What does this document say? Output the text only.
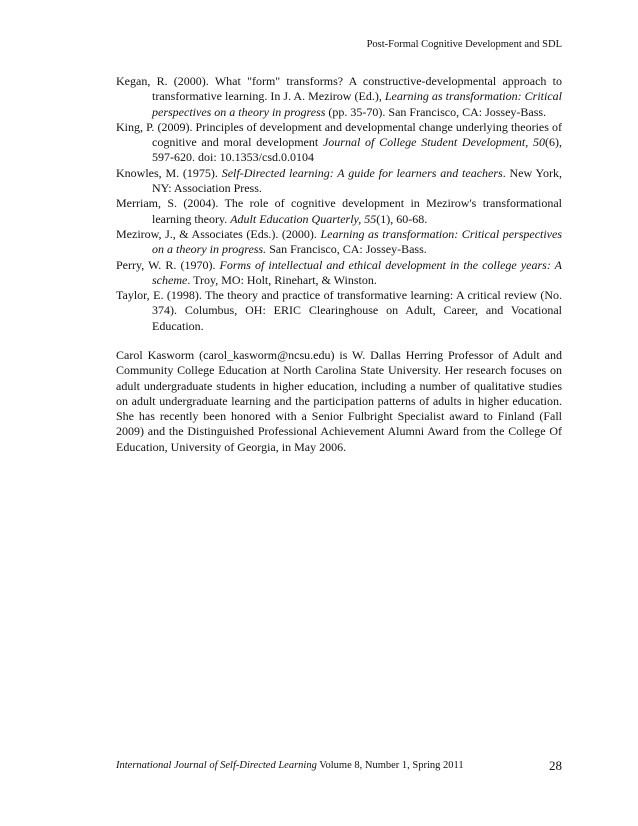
Post-Formal Cognitive Development and SDL

Kegan, R. (2000). What "form" transforms? A constructive-developmental approach to transformative learning. In J. A. Mezirow (Ed.), Learning as transformation: Critical perspectives on a theory in progress (pp. 35-70). San Francisco, CA: Jossey-Bass.

King, P. (2009). Principles of development and developmental change underlying theories of cognitive and moral development Journal of College Student Development, 50(6), 597-620. doi: 10.1353/csd.0.0104

Knowles, M. (1975). Self-Directed learning: A guide for learners and teachers. New York, NY: Association Press.

Merriam, S. (2004). The role of cognitive development in Mezirow's transformational learning theory. Adult Education Quarterly, 55(1), 60-68.

Mezirow, J., & Associates (Eds.). (2000). Learning as transformation: Critical perspectives on a theory in progress. San Francisco, CA: Jossey-Bass.

Perry, W. R. (1970). Forms of intellectual and ethical development in the college years: A scheme. Troy, MO: Holt, Rinehart, & Winston.

Taylor, E. (1998). The theory and practice of transformative learning: A critical review (No. 374). Columbus, OH: ERIC Clearinghouse on Adult, Career, and Vocational Education.

Carol Kasworm (carol_kasworm@ncsu.edu) is W. Dallas Herring Professor of Adult and Community College Education at North Carolina State University. Her research focuses on adult undergraduate students in higher education, including a number of qualitative studies on adult undergraduate learning and the participation patterns of adults in higher education. She has recently been honored with a Senior Fulbright Specialist award to Finland (Fall 2009) and the Distinguished Professional Achievement Alumni Award from the College Of Education, University of Georgia, in May 2006.

International Journal of Self-Directed Learning Volume 8, Number 1, Spring 2011	28
